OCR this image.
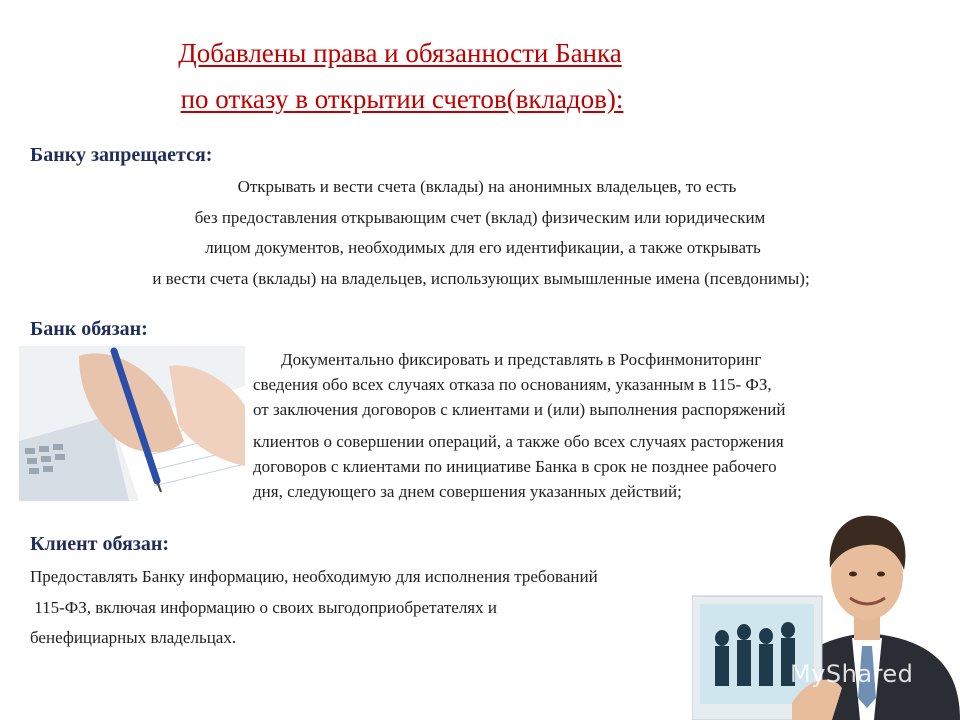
Добавлены права и обязанности Банка
по отказу в открытии счетов(вкладов):
Банку запрещается:
Открывать и вести счета (вклады) на анонимных владельцев, то есть
без предоставления открывающим счет (вклад) физическим или юридическим
лицом документов, необходимых для его идентификации, а также открывать
и вести счета (вклады) на владельцев, использующих вымышленные имена (псевдонимы);
Банк обязан:
Документально фиксировать и представлять в Росфинмониторинг
сведения обо всех случаях отказа по основаниям, указанным в 115- ФЗ,
от заключения договоров с клиентами и (или) выполнения распоряжений
клиентов о совершении операций, а также обо всех случаях расторжения
договоров с клиентами по инициативе Банка в срок не позднее рабочего
дня, следующего за днем совершения указанных действий;
Клиент обязан:
Предоставлять Банку информацию, необходимую для исполнения требований
115-ФЗ, включая информацию о своих выгодоприобретателях и
бенефициарных владельцах.
MyShared
